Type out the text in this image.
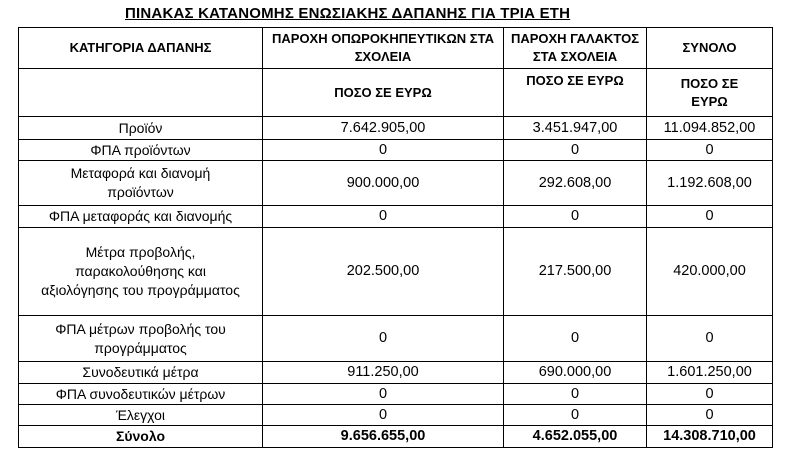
ΠΙΝΑΚΑΣ ΚΑΤΑΝΟΜΗΣ ΕΝΩΣΙΑΚΗΣ ΔΑΠΑΝΗΣ ΓΙΑ ΤΡΙΑ ΕΤΗ
ΚΑΤΗΓΟΡΙΑ ΔΑΠΑΝΗΣ	ΠΑΡΟΧΗ ΟΠΩΡΟΚΗΠΕΥΤΙΚΩΝ ΣΤΑ ΣΧΟΛΕΙΑ	ΠΑΡΟΧΗ ΓΑΛΑΚΤΟΣ ΣΤΑ ΣΧΟΛΕΙΑ	ΣΥΝΟΛΟ
	ΠΟΣΟ ΣΕ ΕΥΡΩ	ΠΟΣΟ ΣΕ ΕΥΡΩ	ΠΟΣΟ ΣΕ ΕΥΡΩ
Προϊόν	7.642.905,00	3.451.947,00	11.094.852,00
ΦΠΑ προϊόντων	0	0	0
Μεταφορά και διανομή προϊόντων	900.000,00	292.608,00	1.192.608,00
ΦΠΑ μεταφοράς και διανομής	0	0	0
Μέτρα προβολής, παρακολούθησης και αξιολόγησης του προγράμματος	202.500,00	217.500,00	420.000,00
ΦΠΑ μέτρων προβολής του προγράμματος	0	0	0
Συνοδευτικά μέτρα	911.250,00	690.000,00	1.601.250,00
ΦΠΑ συνοδευτικών μέτρων	0	0	0
Έλεγχοι	0	0	0
Σύνολο	9.656.655,00	4.652.055,00	14.308.710,00
